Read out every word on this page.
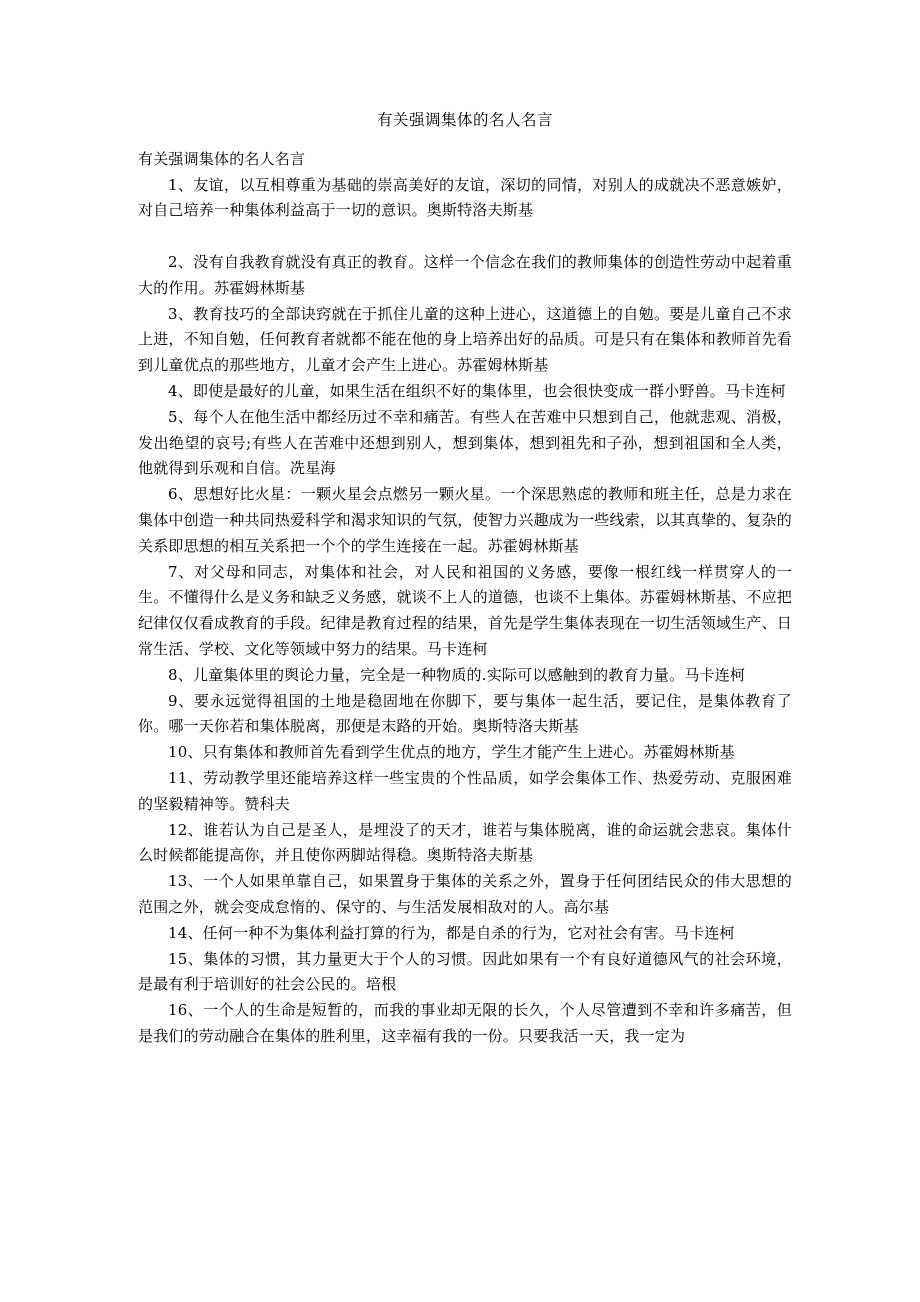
有关强调集体的名人名言

有关强调集体的名人名言

1、友谊，以互相尊重为基础的崇高美好的友谊，深切的同情，对别人的成就决不恶意嫉妒，对自己培养一种集体利益高于一切的意识。奥斯特洛夫斯基

2、没有自我教育就没有真正的教育。这样一个信念在我们的教师集体的创造性劳动中起着重大的作用。苏霍姆林斯基

3、教育技巧的全部诀窍就在于抓住儿童的这种上进心，这道德上的自勉。要是儿童自己不求上进，不知自勉，任何教育者就都不能在他的身上培养出好的品质。可是只有在集体和教师首先看到儿童优点的那些地方，儿童才会产生上进心。苏霍姆林斯基

4、即使是最好的儿童，如果生活在组织不好的集体里，也会很快变成一群小野兽。马卡连柯

5、每个人在他生活中都经历过不幸和痛苦。有些人在苦难中只想到自己，他就悲观、消极，发出绝望的哀号;有些人在苦难中还想到别人，想到集体，想到祖先和子孙，想到祖国和全人类，他就得到乐观和自信。冼星海

6、思想好比火星：一颗火星会点燃另一颗火星。一个深思熟虑的教师和班主任，总是力求在集体中创造一种共同热爱科学和渴求知识的气氛，使智力兴趣成为一些线索，以其真挚的、复杂的关系即思想的相互关系把一个个的学生连接在一起。苏霍姆林斯基

7、对父母和同志，对集体和社会，对人民和祖国的义务感，要像一根红线一样贯穿人的一生。不懂得什么是义务和缺乏义务感，就谈不上人的道德，也谈不上集体。苏霍姆林斯基、不应把纪律仅仅看成教育的手段。纪律是教育过程的结果，首先是学生集体表现在一切生活领域生产、日常生活、学校、文化等领域中努力的结果。马卡连柯

8、儿童集体里的舆论力量，完全是一种物质的.实际可以感触到的教育力量。马卡连柯

9、要永远觉得祖国的土地是稳固地在你脚下，要与集体一起生活，要记住，是集体教育了你。哪一天你若和集体脱离，那便是末路的开始。奥斯特洛夫斯基

10、只有集体和教师首先看到学生优点的地方，学生才能产生上进心。苏霍姆林斯基

11、劳动教学里还能培养这样一些宝贵的个性品质，如学会集体工作、热爱劳动、克服困难的坚毅精神等。赞科夫

12、谁若认为自己是圣人，是埋没了的天才，谁若与集体脱离，谁的命运就会悲哀。集体什么时候都能提高你，并且使你两脚站得稳。奥斯特洛夫斯基

13、一个人如果单靠自己，如果置身于集体的关系之外，置身于任何团结民众的伟大思想的范围之外，就会变成怠惰的、保守的、与生活发展相敌对的人。高尔基

14、任何一种不为集体利益打算的行为，都是自杀的行为，它对社会有害。马卡连柯

15、集体的习惯，其力量更大于个人的习惯。因此如果有一个有良好道德风气的社会环境，是最有利于培训好的社会公民的。培根

16、一个人的生命是短暂的，而我的事业却无限的长久，个人尽管遭到不幸和许多痛苦，但是我们的劳动融合在集体的胜利里，这幸福有我的一份。只要我活一天，我一定为
